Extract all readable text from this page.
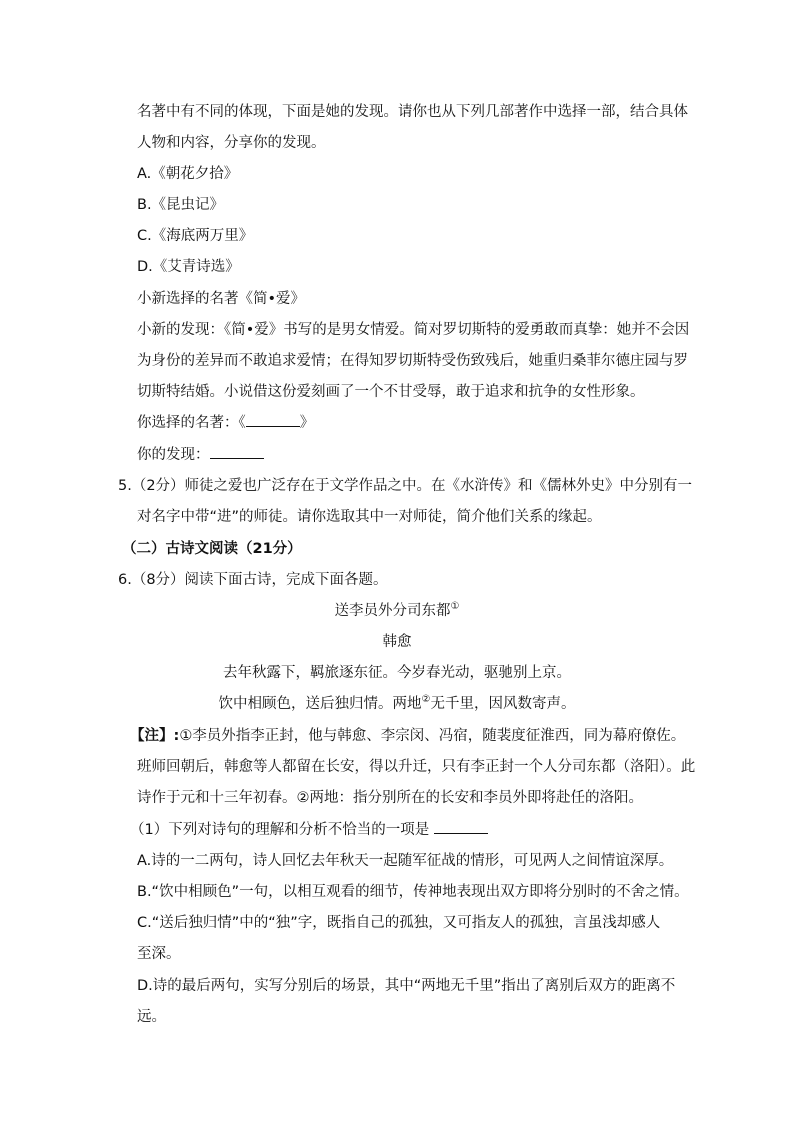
名著中有不同的体现，下面是她的发现。请你也从下列几部著作中选择一部，结合具体
人物和内容，分享你的发现。
A.《朝花夕拾》
B.《昆虫记》
C.《海底两万里》
D.《艾青诗选》
小新选择的名著《简•爱》
小新的发现：《简•爱》书写的是男女情爱。简对罗切斯特的爱勇敢而真挚：她并不会因
为身份的差异而不敢追求爱情；在得知罗切斯特受伤致残后，她重归桑菲尔德庄园与罗
切斯特结婚。小说借这份爱刻画了一个不甘受辱，敢于追求和抗争的女性形象。
你选择的名著：《	》
你的发现：
5.（2分）师徒之爱也广泛存在于文学作品之中。在《水浒传》和《儒林外史》中分别有一
对名字中带“进”的师徒。请你选取其中一对师徒，简介他们关系的缘起。
（二）古诗文阅读（21分）
6.（8分）阅读下面古诗，完成下面各题。
送李员外分司东都①
韩愈
去年秋露下，羁旅逐东征。今岁春光动，驱驰别上京。
饮中相顾色，送后独归情。两地②无千里，因风数寄声。
【注】:①李员外指李正封，他与韩愈、李宗闵、冯宿，随裴度征淮西，同为幕府僚佐。
班师回朝后，韩愈等人都留在长安，得以升迁，只有李正封一个人分司东都（洛阳）。此
诗作于元和十三年初春。②两地：指分别所在的长安和李员外即将赴任的洛阳。
（1）下列对诗句的理解和分析不恰当的一项是
A.诗的一二两句，诗人回忆去年秋天一起随军征战的情形，可见两人之间情谊深厚。
B.“饮中相顾色”一句，以相互观看的细节，传神地表现出双方即将分别时的不舍之情。
C.“送后独归情”中的“独”字，既指自己的孤独，又可指友人的孤独，言虽浅却感人
至深。
D.诗的最后两句，实写分别后的场景，其中“两地无千里”指出了离别后双方的距离不
远。
